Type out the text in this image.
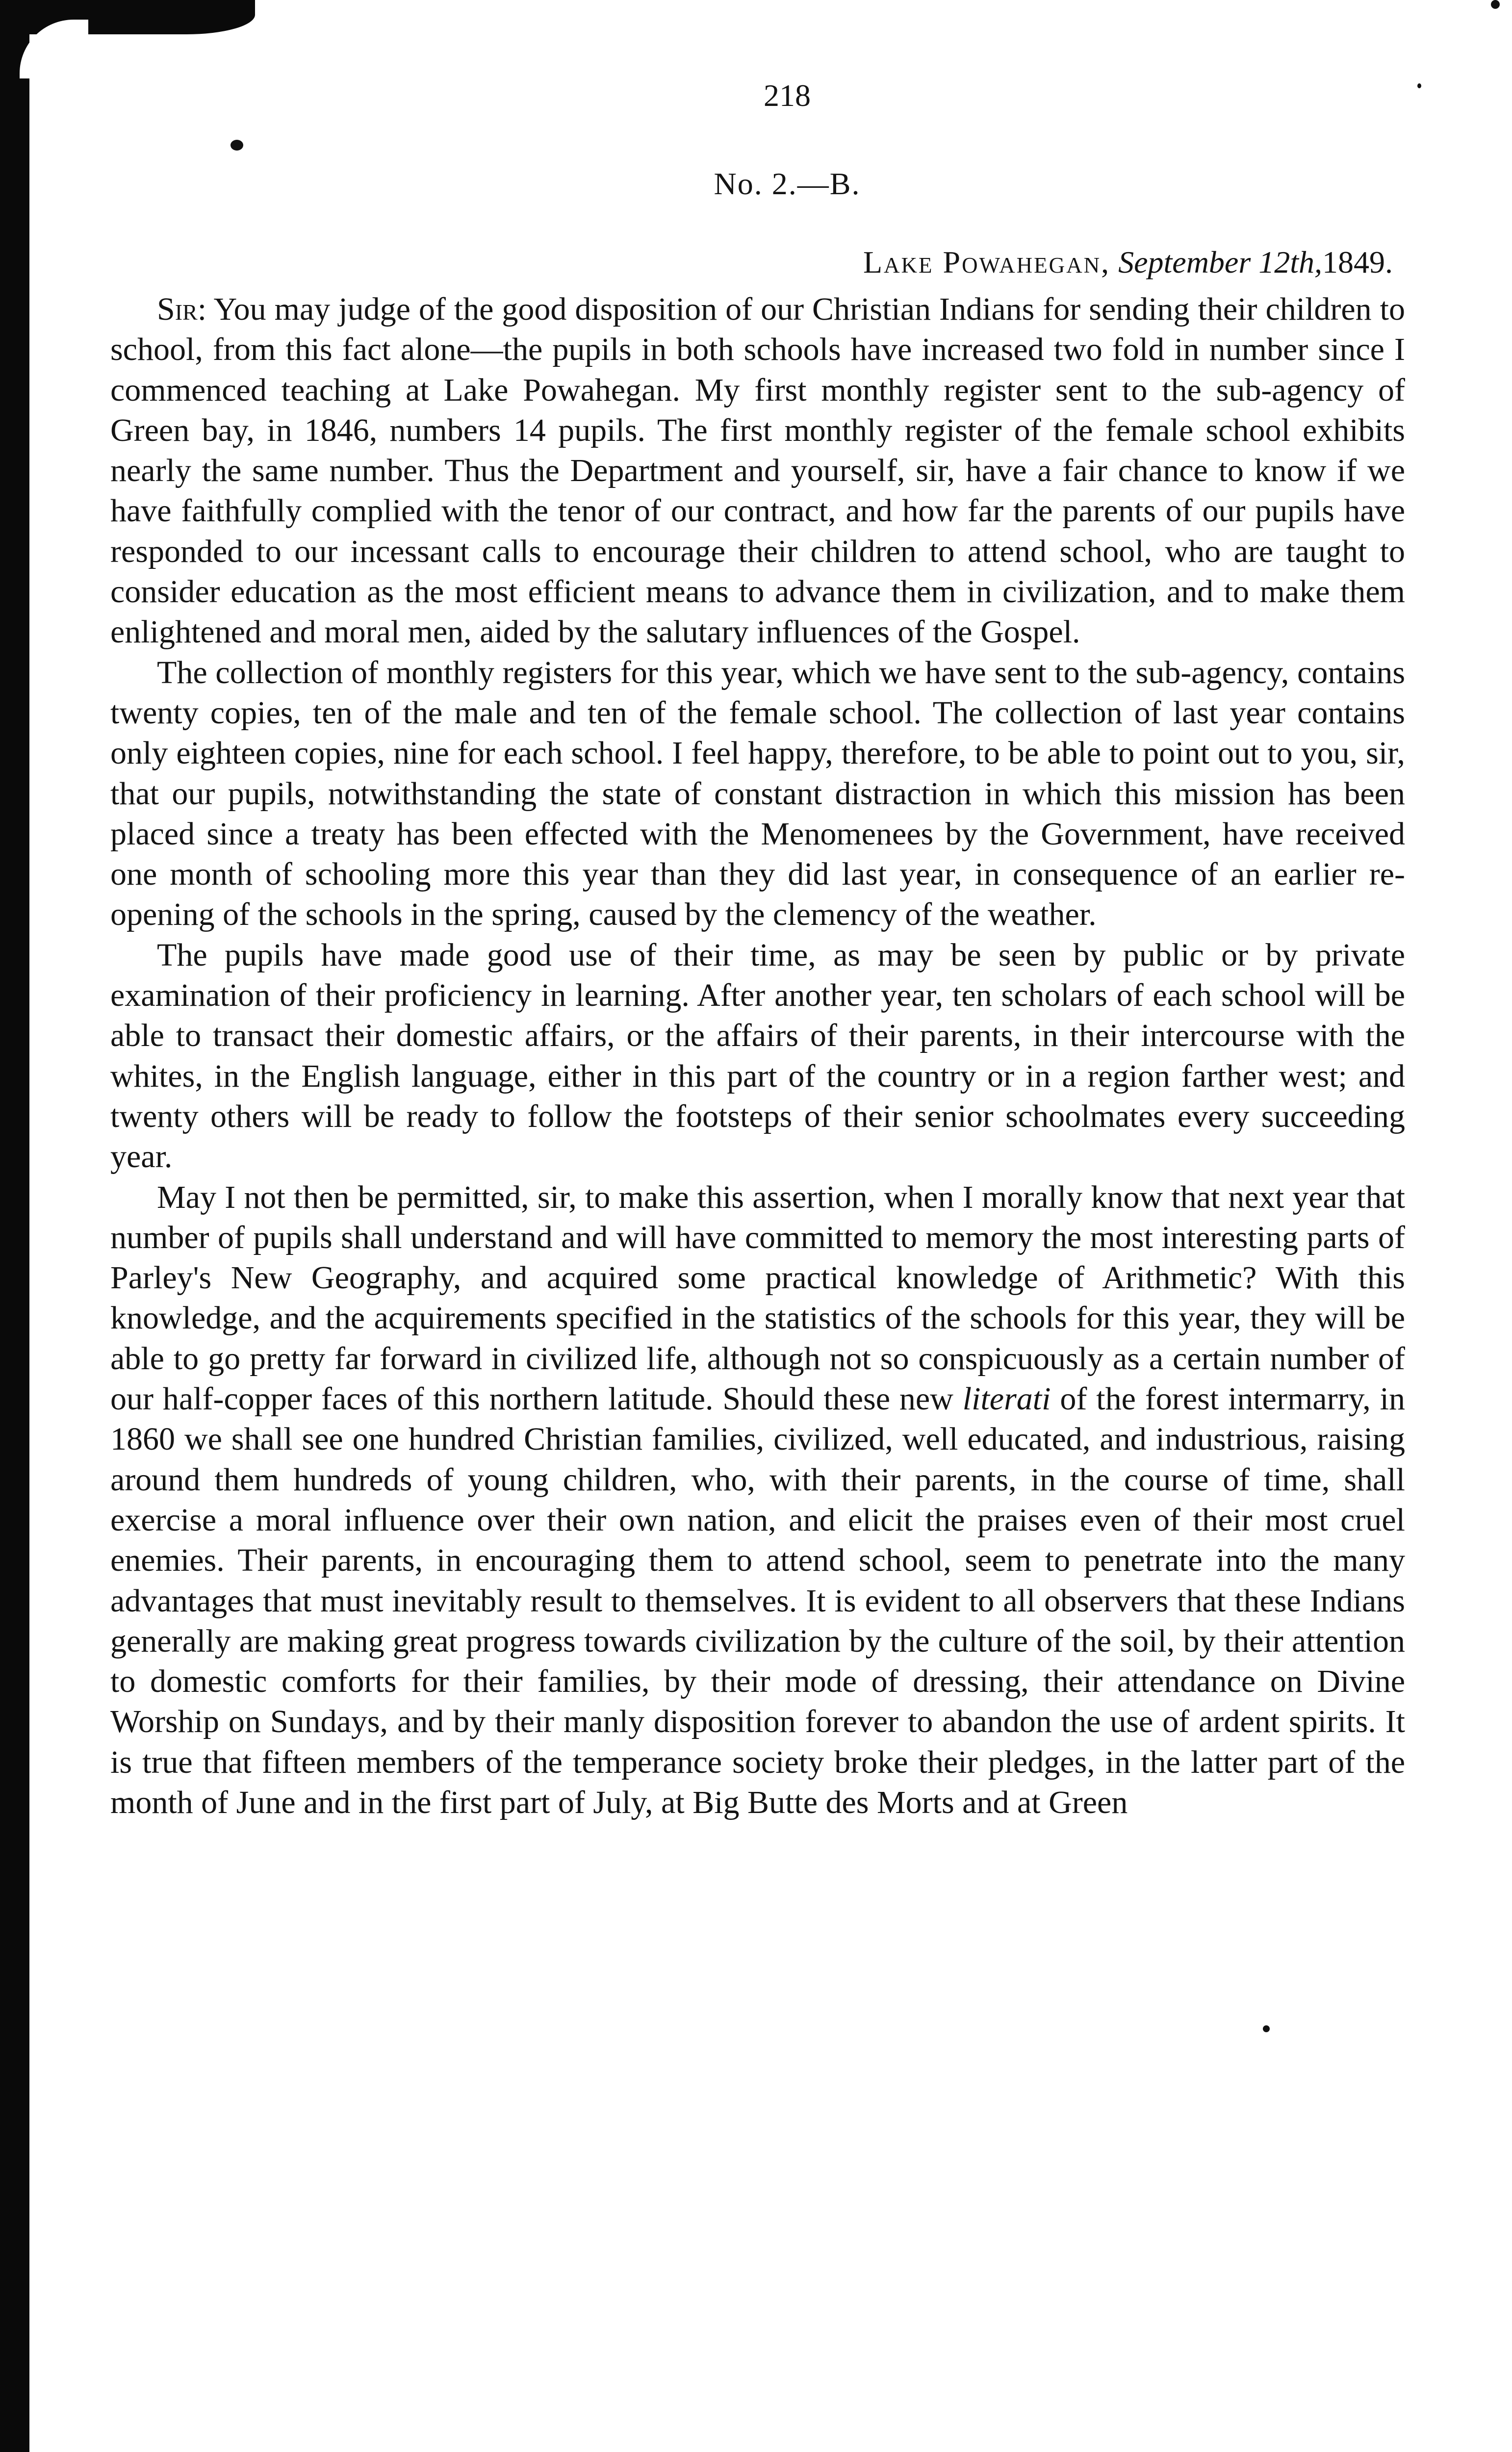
218
No. 2.—B.
Lake Powahegan, September 12th,1849.

Sir: You may judge of the good disposition of our Christian Indians for sending their children to school, from this fact alone—the pupils in both schools have increased two fold in number since I commenced teaching at Lake Powahegan. My first monthly register sent to the sub-agency of Green bay, in 1846, numbers 14 pupils. The first monthly register of the female school exhibits nearly the same number. Thus the Department and yourself, sir, have a fair chance to know if we have faithfully complied with the tenor of our contract, and how far the parents of our pupils have responded to our incessant calls to encourage their children to attend school, who are taught to consider education as the most efficient means to advance them in civilization, and to make them enlightened and moral men, aided by the salutary influences of the Gospel.

The collection of monthly registers for this year, which we have sent to the sub-agency, contains twenty copies, ten of the male and ten of the female school. The collection of last year contains only eighteen copies, nine for each school. I feel happy, therefore, to be able to point out to you, sir, that our pupils, notwithstanding the state of constant distraction in which this mission has been placed since a treaty has been effected with the Menomenees by the Government, have received one month of schooling more this year than they did last year, in consequence of an earlier re-opening of the schools in the spring, caused by the clemency of the weather.

The pupils have made good use of their time, as may be seen by public or by private examination of their proficiency in learning. After another year, ten scholars of each school will be able to transact their domestic affairs, or the affairs of their parents, in their intercourse with the whites, in the English language, either in this part of the country or in a region farther west; and twenty others will be ready to follow the footsteps of their senior schoolmates every succeeding year.

May I not then be permitted, sir, to make this assertion, when I morally know that next year that number of pupils shall understand and will have committed to memory the most interesting parts of Parley's New Geography, and acquired some practical knowledge of Arithmetic? With this knowledge, and the acquirements specified in the statistics of the schools for this year, they will be able to go pretty far forward in civilized life, although not so conspicuously as a certain number of our half-copper faces of this northern latitude. Should these new literati of the forest intermarry, in 1860 we shall see one hundred Christian families, civilized, well educated, and industrious, raising around them hundreds of young children, who, with their parents, in the course of time, shall exercise a moral influence over their own nation, and elicit the praises even of their most cruel enemies. Their parents, in encouraging them to attend school, seem to penetrate into the many advantages that must inevitably result to themselves. It is evident to all observers that these Indians generally are making great progress towards civilization by the culture of the soil, by their attention to domestic comforts for their families, by their mode of dressing, their attendance on Divine Worship on Sundays, and by their manly disposition forever to abandon the use of ardent spirits. It is true that fifteen members of the temperance society broke their pledges, in the latter part of the month of June and in the first part of July, at Big Butte des Morts and at Green
